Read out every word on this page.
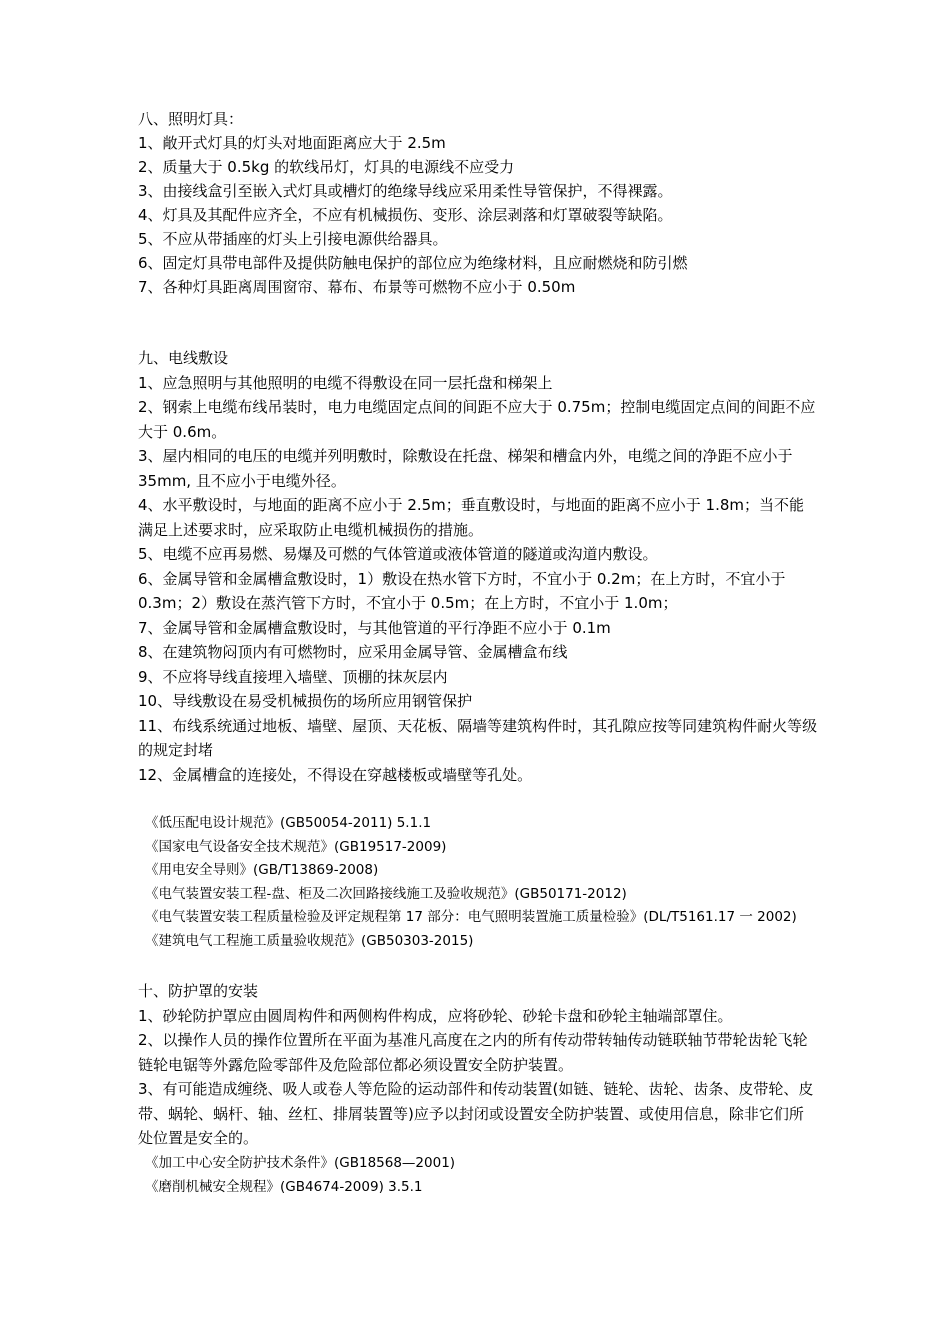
八、照明灯具：

1、敞开式灯具的灯头对地面距离应大于 2.5m

2、质量大于 0.5kg 的软线吊灯，灯具的电源线不应受力

3、由接线盒引至嵌入式灯具或槽灯的绝缘导线应采用柔性导管保护，不得裸露。

4、灯具及其配件应齐全，不应有机械损伤、变形、涂层剥落和灯罩破裂等缺陷。

5、不应从带插座的灯头上引接电源供给器具。

6、固定灯具带电部件及提供防触电保护的部位应为绝缘材料，且应耐燃烧和防引燃

7、各种灯具距离周围窗帘、幕布、布景等可燃物不应小于 0.50m

九、电线敷设

1、应急照明与其他照明的电缆不得敷设在同一层托盘和梯架上

2、钢索上电缆布线吊装时，电力电缆固定点间的间距不应大于 0.75m；控制电缆固定点间的间距不应大于 0.6m。

3、屋内相同的电压的电缆并列明敷时，除敷设在托盘、梯架和槽盒内外，电缆之间的净距不应小于 35mm, 且不应小于电缆外径。

4、水平敷设时，与地面的距离不应小于 2.5m；垂直敷设时，与地面的距离不应小于 1.8m；当不能满足上述要求时，应采取防止电缆机械损伤的措施。

5、电缆不应再易燃、易爆及可燃的气体管道或液体管道的隧道或沟道内敷设。

6、金属导管和金属槽盒敷设时，1）敷设在热水管下方时，不宜小于 0.2m；在上方时，不宜小于 0.3m；2）敷设在蒸汽管下方时，不宜小于 0.5m；在上方时，不宜小于 1.0m；

7、金属导管和金属槽盒敷设时，与其他管道的平行净距不应小于 0.1m

8、在建筑物闷顶内有可燃物时，应采用金属导管、金属槽盒布线

9、不应将导线直接埋入墙壁、顶棚的抹灰层内

10、导线敷设在易受机械损伤的场所应用钢管保护

11、布线系统通过地板、墙壁、屋顶、天花板、隔墙等建筑构件时，其孔隙应按等同建筑构件耐火等级的规定封堵

12、金属槽盒的连接处，不得设在穿越楼板或墙壁等孔处。

《低压配电设计规范》(GB50054-2011) 5.1.1

《国家电气设备安全技术规范》(GB19517-2009)

《用电安全导则》(GB/T13869-2008)

《电气装置安装工程-盘、柜及二次回路接线施工及验收规范》(GB50171-2012)

《电气装置安装工程质量检验及评定规程第 17 部分：电气照明装置施工质量检验》(DL/T5161.17 一 2002)

《建筑电气工程施工质量验收规范》(GB50303-2015)

十、防护罩的安装

1、砂轮防护罩应由圆周构件和两侧构件构成，应将砂轮、砂轮卡盘和砂轮主轴端部罩住。

2、以操作人员的操作位置所在平面为基准凡高度在之内的所有传动带转轴传动链联轴节带轮齿轮飞轮链轮电锯等外露危险零部件及危险部位都必须设置安全防护装置。

3、有可能造成缠绕、吸人或卷人等危险的运动部件和传动装置(如链、链轮、齿轮、齿条、皮带轮、皮带、蜗轮、蜗杆、轴、丝杠、排屑装置等)应予以封闭或设置安全防护装置、或使用信息，除非它们所处位置是安全的。

《加工中心安全防护技术条件》(GB18568—2001)

《磨削机械安全规程》(GB4674-2009) 3.5.1
